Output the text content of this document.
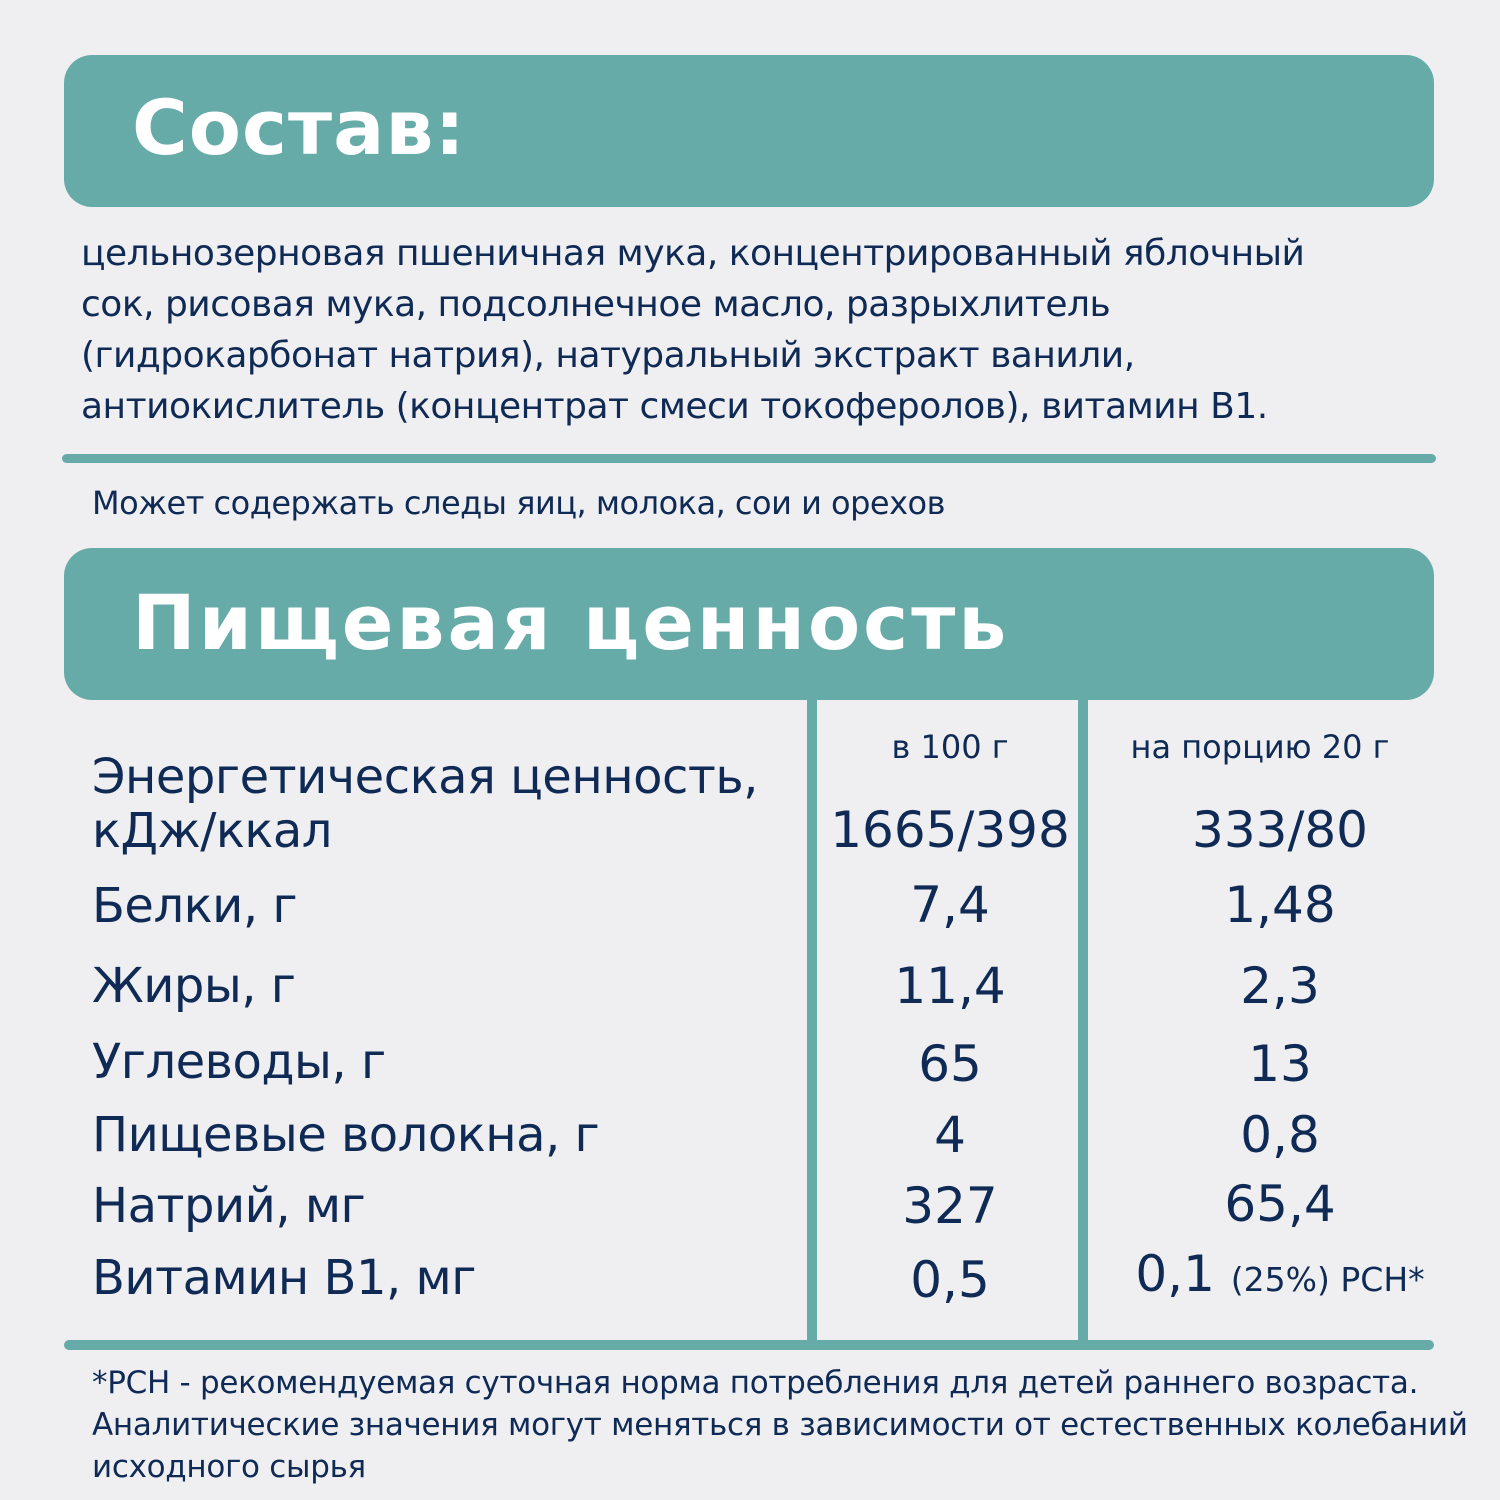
Состав:
цельнозерновая пшеничная мука, концентрированный яблочный сок, рисовая мука, подсолнечное масло, разрыхлитель (гидрокарбонат натрия), натуральный экстракт ванили, антиокислитель (концентрат смеси токоферолов), витамин B1.
Может содержать следы яиц, молока, сои и орехов
Пищевая ценность
в 100 г	на порцию 20 г
Энергетическая ценность, кДж/ккал	1665/398	333/80
Белки, г	7,4	1,48
Жиры, г	11,4	2,3
Углеводы, г	65	13
Пищевые волокна, г	4	0,8
Натрий, мг	327	65,4
Витамин B1, мг	0,5	0,1 (25%) РСН*
*РСН - рекомендуемая суточная норма потребления для детей раннего возраста. Аналитические значения могут меняться в зависимости от естественных колебаний исходного сырья
